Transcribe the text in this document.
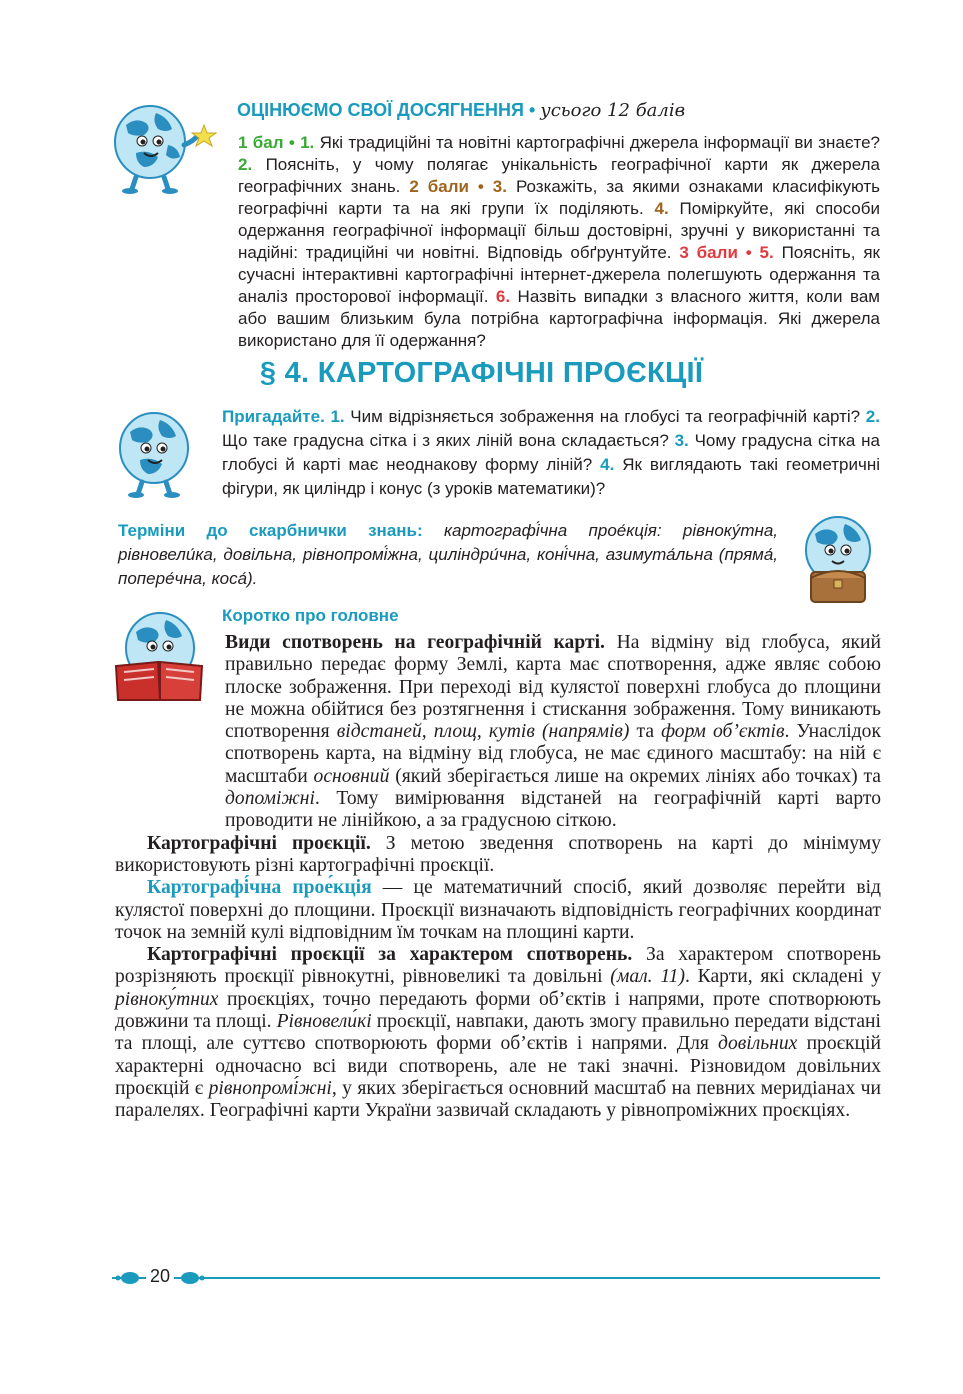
ОЦІНЮЄМО СВОЇ ДОСЯГНЕННЯ • усього 12 балів
1 бал • 1. Які традиційні та новітні картографічні джерела інформації ви знаєте? 2. Поясніть, у чому полягає унікальність географічної карти як джерела географічних знань. 2 бали • 3. Розкажіть, за якими ознаками класифікують географічні карти та на які групи їх поділяють. 4. Поміркуйте, які способи одержання географічної інформації більш достовірні, зручні у використанні та надійні: традиційні чи новітні. Відповідь обґрунтуйте. 3 бали • 5. Поясніть, як сучасні інтерактивні картографічні інтернет-джерела полегшують одержання та аналіз просторової інформації. 6. Назвіть випадки з власного життя, коли вам або вашим близьким була потрібна картографічна інформація. Які джерела використано для її одержання?
§ 4. КАРТОГРАФІЧНІ ПРОЄКЦІЇ
Пригадайте. 1. Чим відрізняється зображення на глобусі та географічній карті? 2. Що таке градусна сітка і з яких ліній вона складається? 3. Чому градусна сітка на глобусі й карті має неоднакову форму ліній? 4. Як виглядають такі геометричні фігури, як циліндр і конус (з уроків математики)?
Терміни до скарбнички знань: картографі́чна прое́кція: рівноку́тна, рівновели́ка, довільна, рівнопромі́жна, циліндри́чна, коні́чна, азимута́льна (пряма́, попере́чна, коса́).
Коротко про головне

Види спотворень на географічній карті. На відміну від глобуса, який правильно передає форму Землі, карта має спотворення, адже являє собою плоске зображення. При переході від кулястої поверхні глобуса до площини не можна обійтися без розтягнення і стискання зображення. Тому виникають спотворення відстаней, площ, кутів (напрямів) та форм об’єктів. Унаслідок спотворень карта, на відміну від глобуса, не має єдиного масштабу: на ній є масштаби основний (який зберігається лише на окремих лініях або точках) та допоміжні. Тому вимірювання відстаней на географічній карті варто проводити не лінійкою, а за градусною сіткою.

Картографічні проєкції. З метою зведення спотворень на карті до мінімуму використовують різні картографічні проєкції.

Картографі́чна прое́кція — це математичний спосіб, який дозволяє перейти від кулястої поверхні до площини. Проєкції визначають відповідність географічних координат точок на земній кулі відповідним їм точкам на площині карти.

Картографічні проєкції за характером спотворень. За характером спотворень розрізняють проєкції рівнокутні, рівновеликі та довільні (мал. 11). Карти, які складені у рівноку́тних проєкціях, точно передають форми об’єктів і напрями, проте спотворюють довжини та площі. Рівновели́кі проєкції, навпаки, дають змогу правильно передати відстані та площі, але суттєво спотворюють форми об’єктів і напрями. Для довільних проєкцій характерні одночасно всі види спотворень, але не такі значні. Різновидом довільних проєкцій є рівнопромі́жні, у яких зберігається основний масштаб на певних меридіанах чи паралелях. Географічні карти України зазвичай складають у рівнопроміжних проєкціях.

20
